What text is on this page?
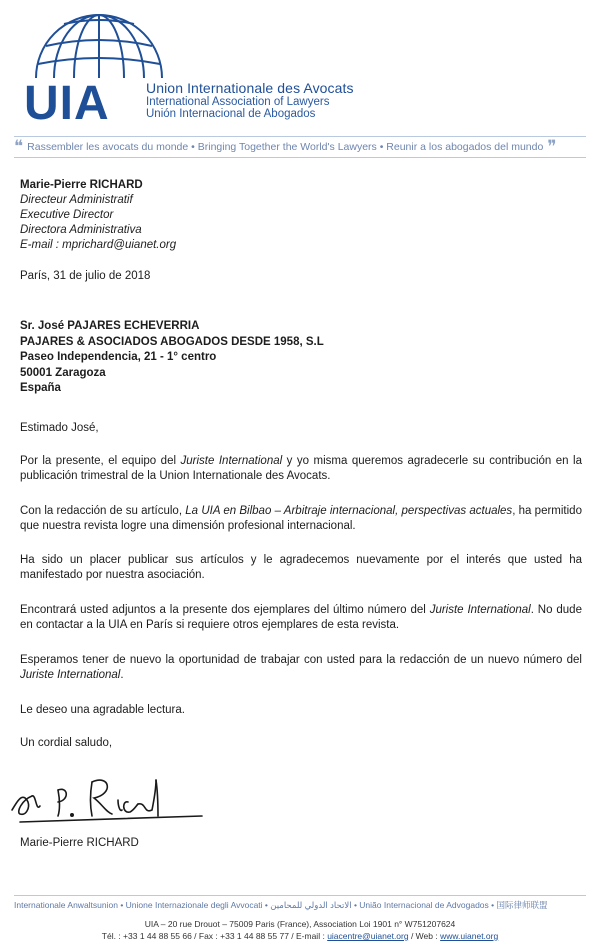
UIA	Union Internationale des Avocats
International Association of Lawyers
Unión Internacional de Abogados
❝ Rassembler les avocats du monde • Bringing Together the World's Lawyers • Reunir a los abogados del mundo ❞
Marie-Pierre RICHARD
Directeur Administratif
Executive Director
Directora Administrativa
E-mail : mprichard@uianet.org
París, 31 de julio de 2018
Sr. José PAJARES ECHEVERRIA
PAJARES & ASOCIADOS ABOGADOS DESDE 1958, S.L
Paseo Independencia, 21 - 1° centro
50001 Zaragoza
España
Estimado José,
Por la presente, el equipo del Juriste International y yo misma queremos agradecerle su contribución en la publicación trimestral de la Union Internationale des Avocats.
Con la redacción de su artículo, La UIA en Bilbao – Arbitraje internacional, perspectivas actuales, ha permitido que nuestra revista logre una dimensión profesional internacional.
Ha sido un placer publicar sus artículos y le agradecemos nuevamente por el interés que usted ha manifestado por nuestra asociación.
Encontrará usted adjuntos a la presente dos ejemplares del último número del Juriste International. No dude en contactar a la UIA en París si requiere otros ejemplares de esta revista.
Esperamos tener de nuevo la oportunidad de trabajar con usted para la redacción de un nuevo número del Juriste International.
Le deseo una agradable lectura.
Un cordial saludo,
Marie-Pierre RICHARD
Internationale Anwaltsunion • Unione Internazionale degli Avvocati • الاتحاد الدولي للمحامين • União Internacional de Advogados • 国际律师联盟
UIA – 20 rue Drouot – 75009 Paris (France), Association Loi 1901 n° W751207624
Tél. : +33 1 44 88 55 66 / Fax : +33 1 44 88 55 77 / E-mail : uiacentre@uianet.org / Web : www.uianet.org
